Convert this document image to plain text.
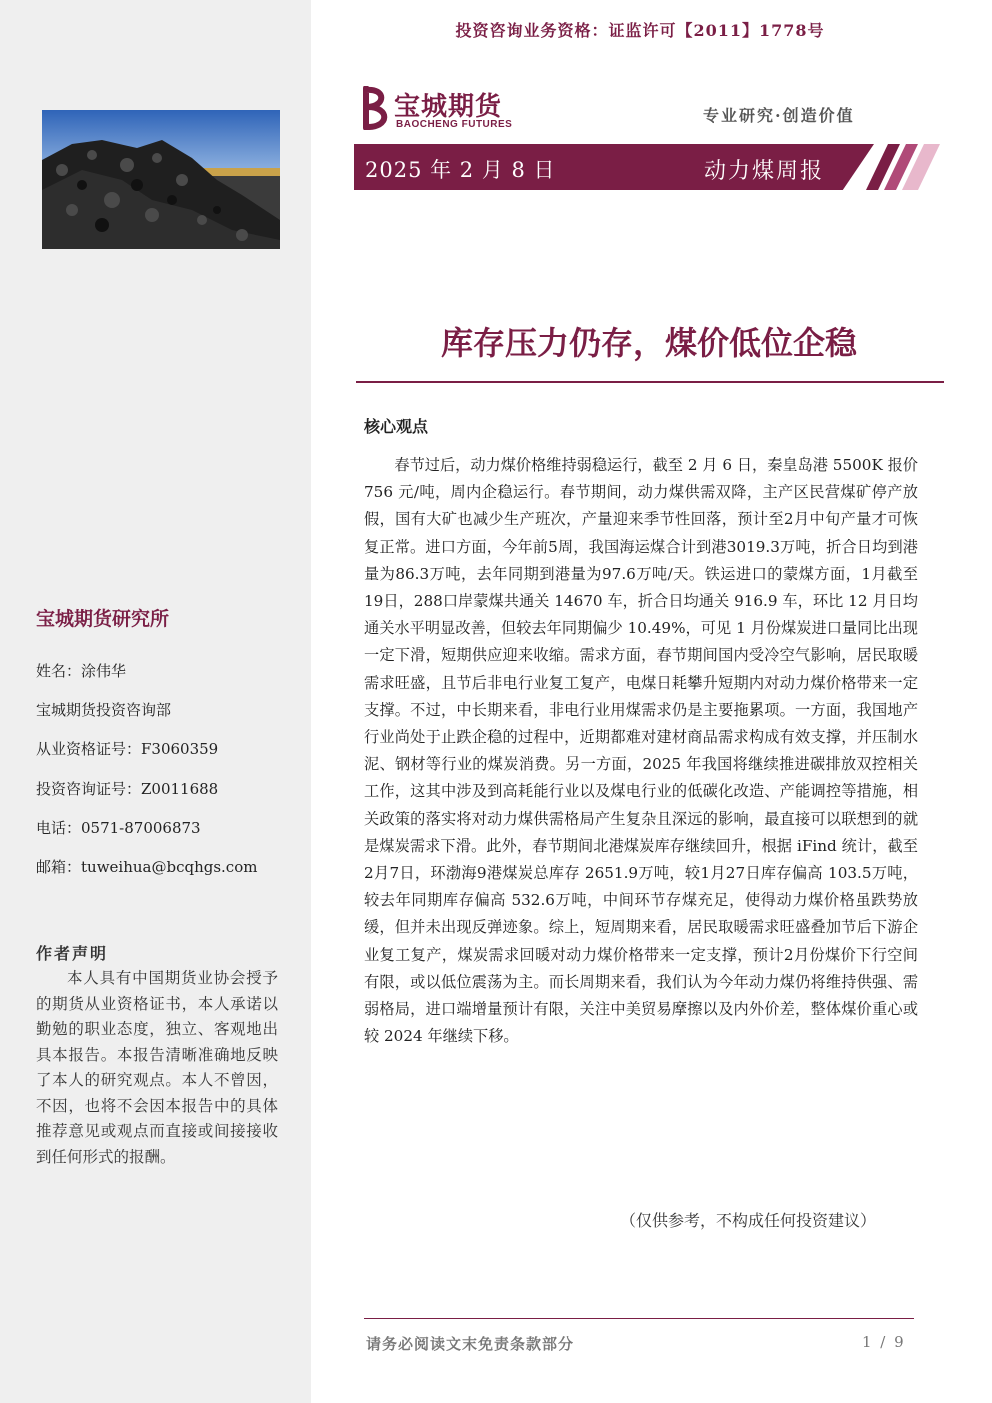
投资咨询业务资格：证监许可【2011】1778号
宝城期货
BAOCHENG FUTURES	专业研究·创造价值
2025 年 2 月 8 日	动力煤周报
库存压力仍存，煤价低位企稳
核心观点

春节过后，动力煤价格维持弱稳运行，截至 2 月 6 日，秦皇岛港 5500K 报价 756 元/吨，周内企稳运行。春节期间，动力煤供需双降，主产区民营煤矿停产放假，国有大矿也减少生产班次，产量迎来季节性回落，预计至2月中旬产量才可恢复正常。进口方面，今年前5周，我国海运煤合计到港3019.3万吨，折合日均到港量为86.3万吨，去年同期到港量为97.6万吨/天。铁运进口的蒙煤方面，1月截至19日，288口岸蒙煤共通关 14670 车，折合日均通关 916.9 车，环比 12 月日均通关水平明显改善，但较去年同期偏少 10.49%，可见 1 月份煤炭进口量同比出现一定下滑，短期供应迎来收缩。需求方面，春节期间国内受冷空气影响，居民取暖需求旺盛，且节后非电行业复工复产，电煤日耗攀升短期内对动力煤价格带来一定支撑。不过，中长期来看，非电行业用煤需求仍是主要拖累项。一方面，我国地产行业尚处于止跌企稳的过程中，近期都难对建材商品需求构成有效支撑，并压制水泥、钢材等行业的煤炭消费。另一方面，2025 年我国将继续推进碳排放双控相关工作，这其中涉及到高耗能行业以及煤电行业的低碳化改造、产能调控等措施，相关政策的落实将对动力煤供需格局产生复杂且深远的影响，最直接可以联想到的就是煤炭需求下滑。此外，春节期间北港煤炭库存继续回升，根据 iFind 统计，截至2月7日，环渤海9港煤炭总库存 2651.9万吨，较1月27日库存偏高 103.5万吨，较去年同期库存偏高 532.6万吨，中间环节存煤充足，使得动力煤价格虽跌势放缓，但并未出现反弹迹象。综上，短周期来看，居民取暖需求旺盛叠加节后下游企业复工复产，煤炭需求回暖对动力煤价格带来一定支撑，预计2月份煤价下行空间有限，或以低位震荡为主。而长周期来看，我们认为今年动力煤仍将维持供强、需弱格局，进口端增量预计有限，关注中美贸易摩擦以及内外价差，整体煤价重心或较 2024 年继续下移。

（仅供参考，不构成任何投资建议）
宝城期货研究所
姓名：涂伟华
宝城期货投资咨询部
从业资格证号：F3060359
投资咨询证号：Z0011688
电话：0571-87006873
邮箱：tuweihua@bcqhgs.com
作者声明

本人具有中国期货业协会授予的期货从业资格证书，本人承诺以勤勉的职业态度，独立、客观地出具本报告。本报告清晰准确地反映了本人的研究观点。本人不曾因，不因，也将不会因本报告中的具体推荐意见或观点而直接或间接接收到任何形式的报酬。

请务必阅读文末免责条款部分	1 / 9
